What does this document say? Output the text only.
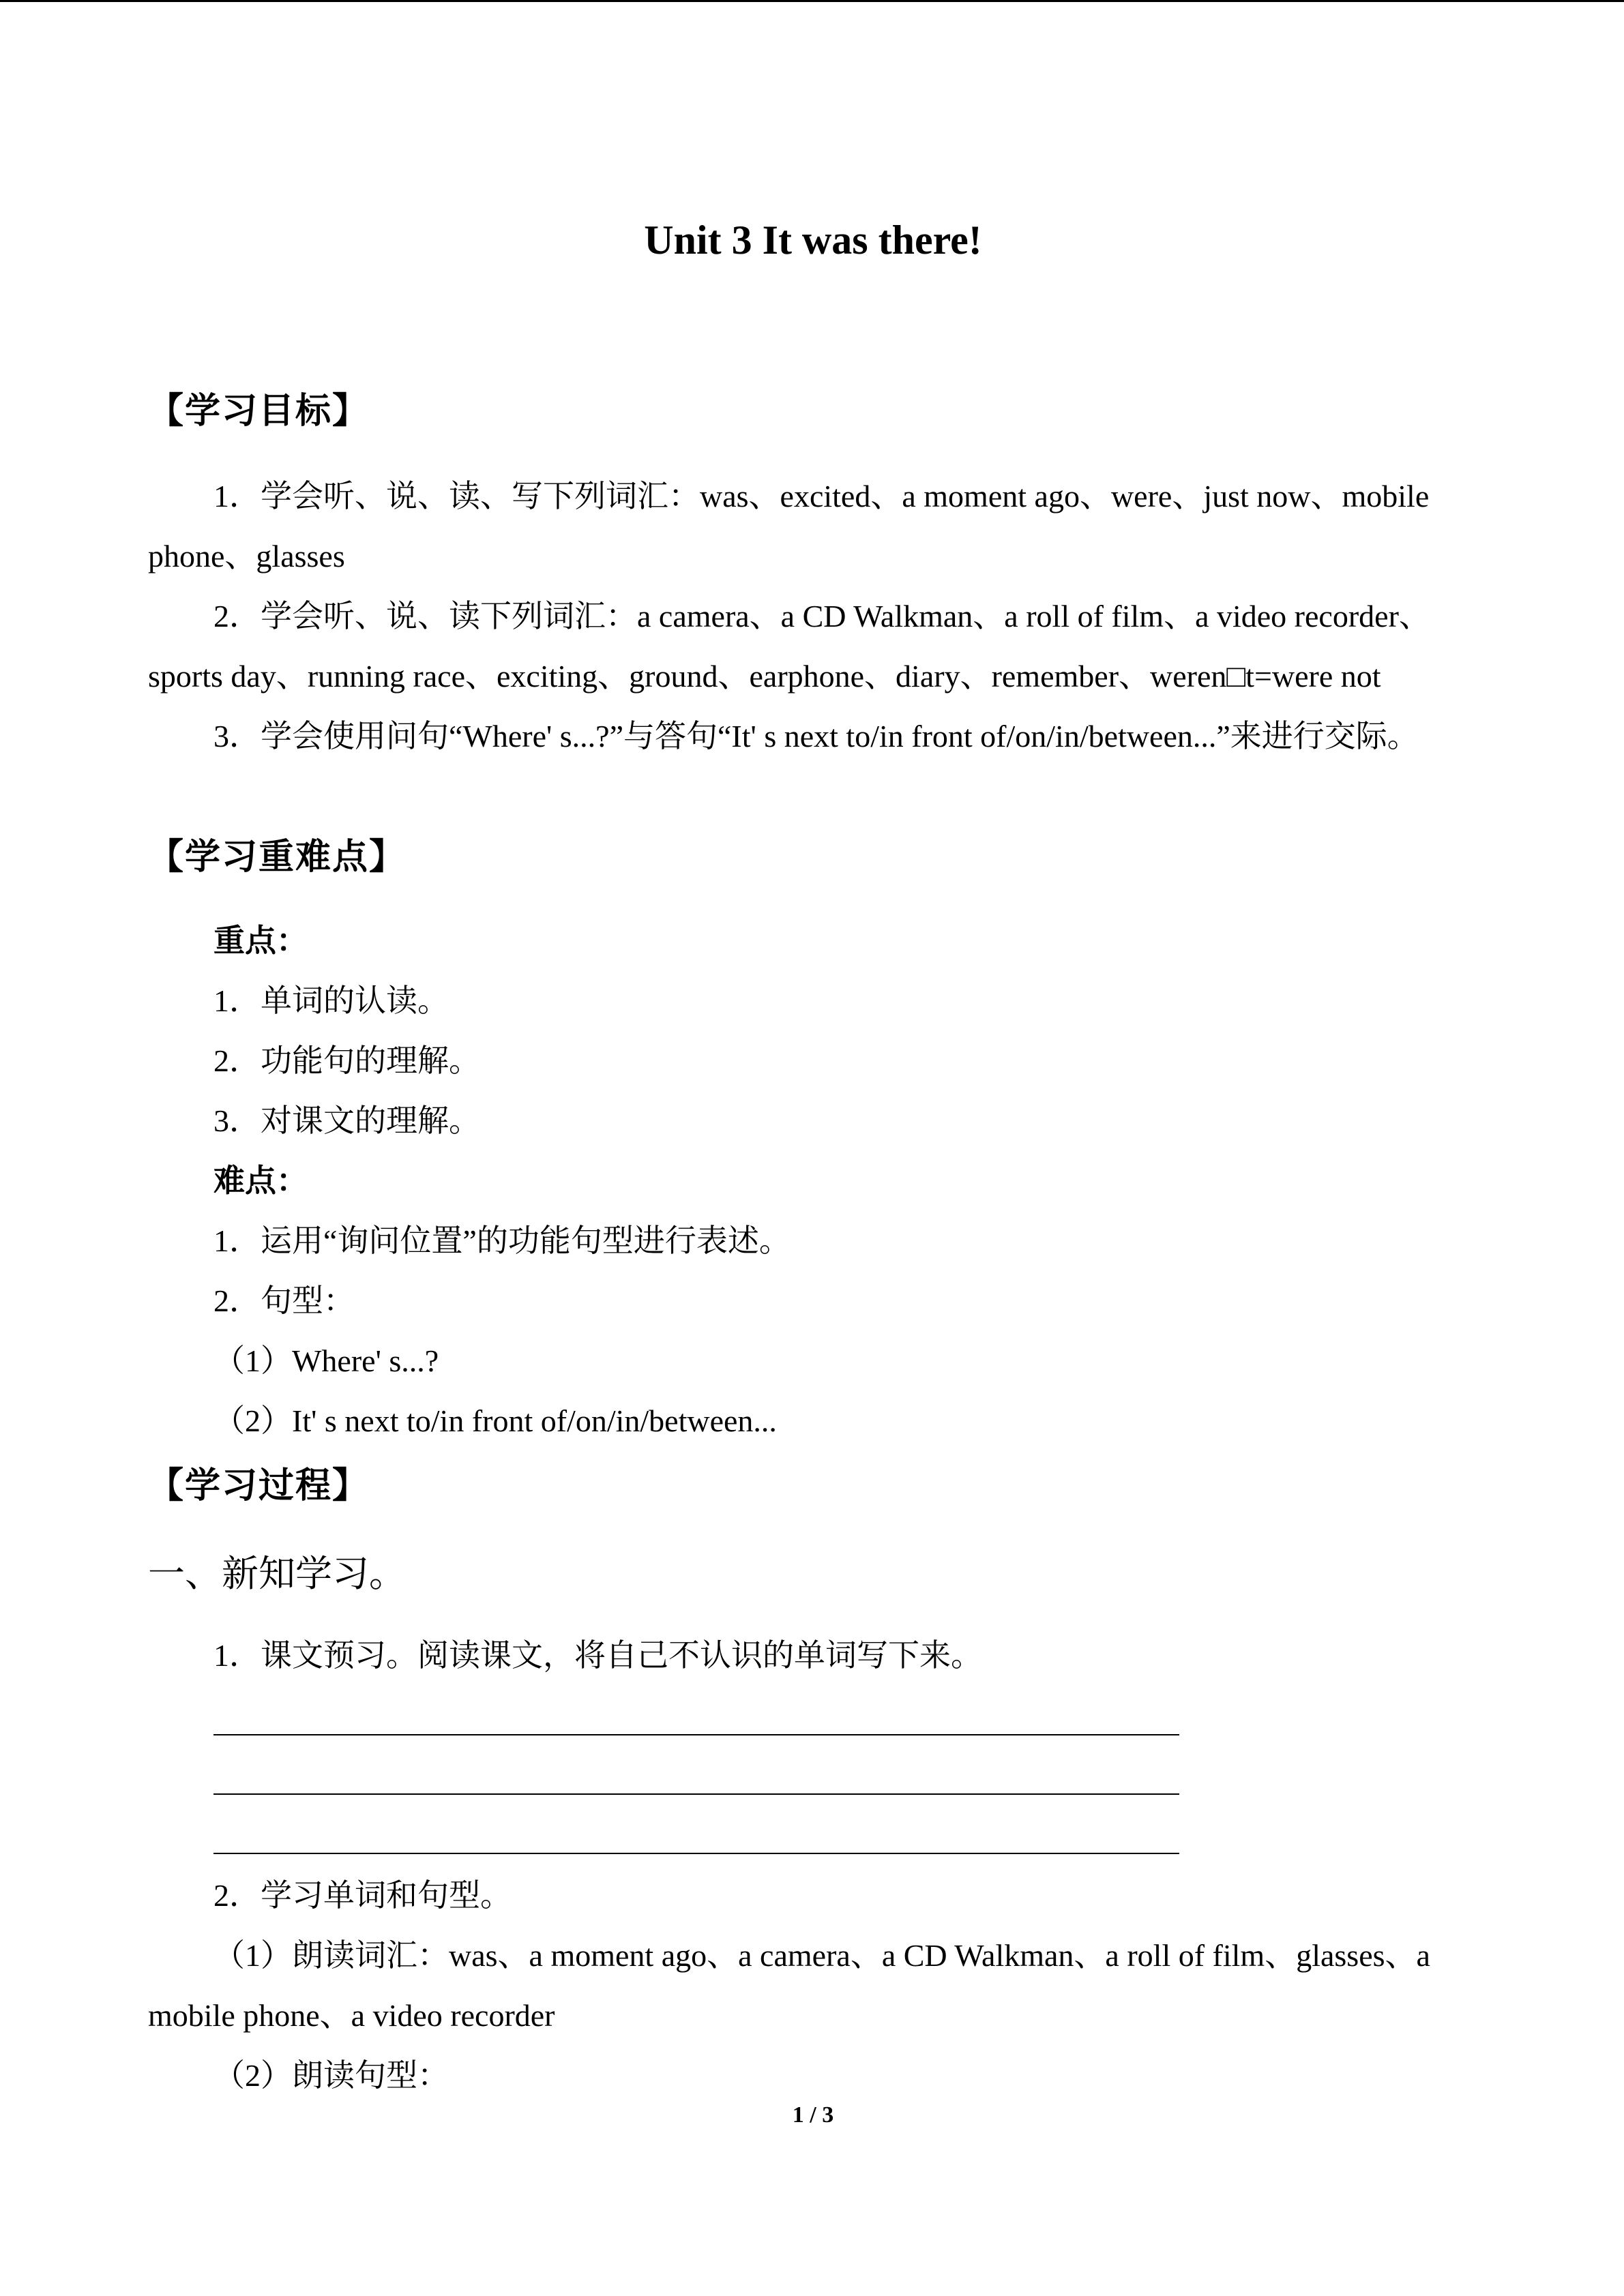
Unit 3 It was there!
【学习目标】
1．学会听、说、读、写下列词汇：was、excited、a moment ago、were、just now、mobile phone、glasses
2．学会听、说、读下列词汇：a camera、a CD Walkman、a roll of film、a video recorder、sports day、running race、exciting、ground、earphone、diary、remember、weren□t=were not
3．学会使用问句“Where' s...?”与答句“It' s next to/in front of/on/in/between...”来进行交际。
【学习重难点】
重点：
1．单词的认读。
2．功能句的理解。
3．对课文的理解。
难点：
1．运用“询问位置”的功能句型进行表述。
2．句型：
（1）Where' s...?
（2）It' s next to/in front of/on/in/between...
【学习过程】
一、新知学习。
1．课文预习。阅读课文，将自己不认识的单词写下来。
2．学习单词和句型。
（1）朗读词汇：was、a moment ago、a camera、a CD Walkman、a roll of film、glasses、a mobile phone、a video recorder
（2）朗读句型：
1 / 3
